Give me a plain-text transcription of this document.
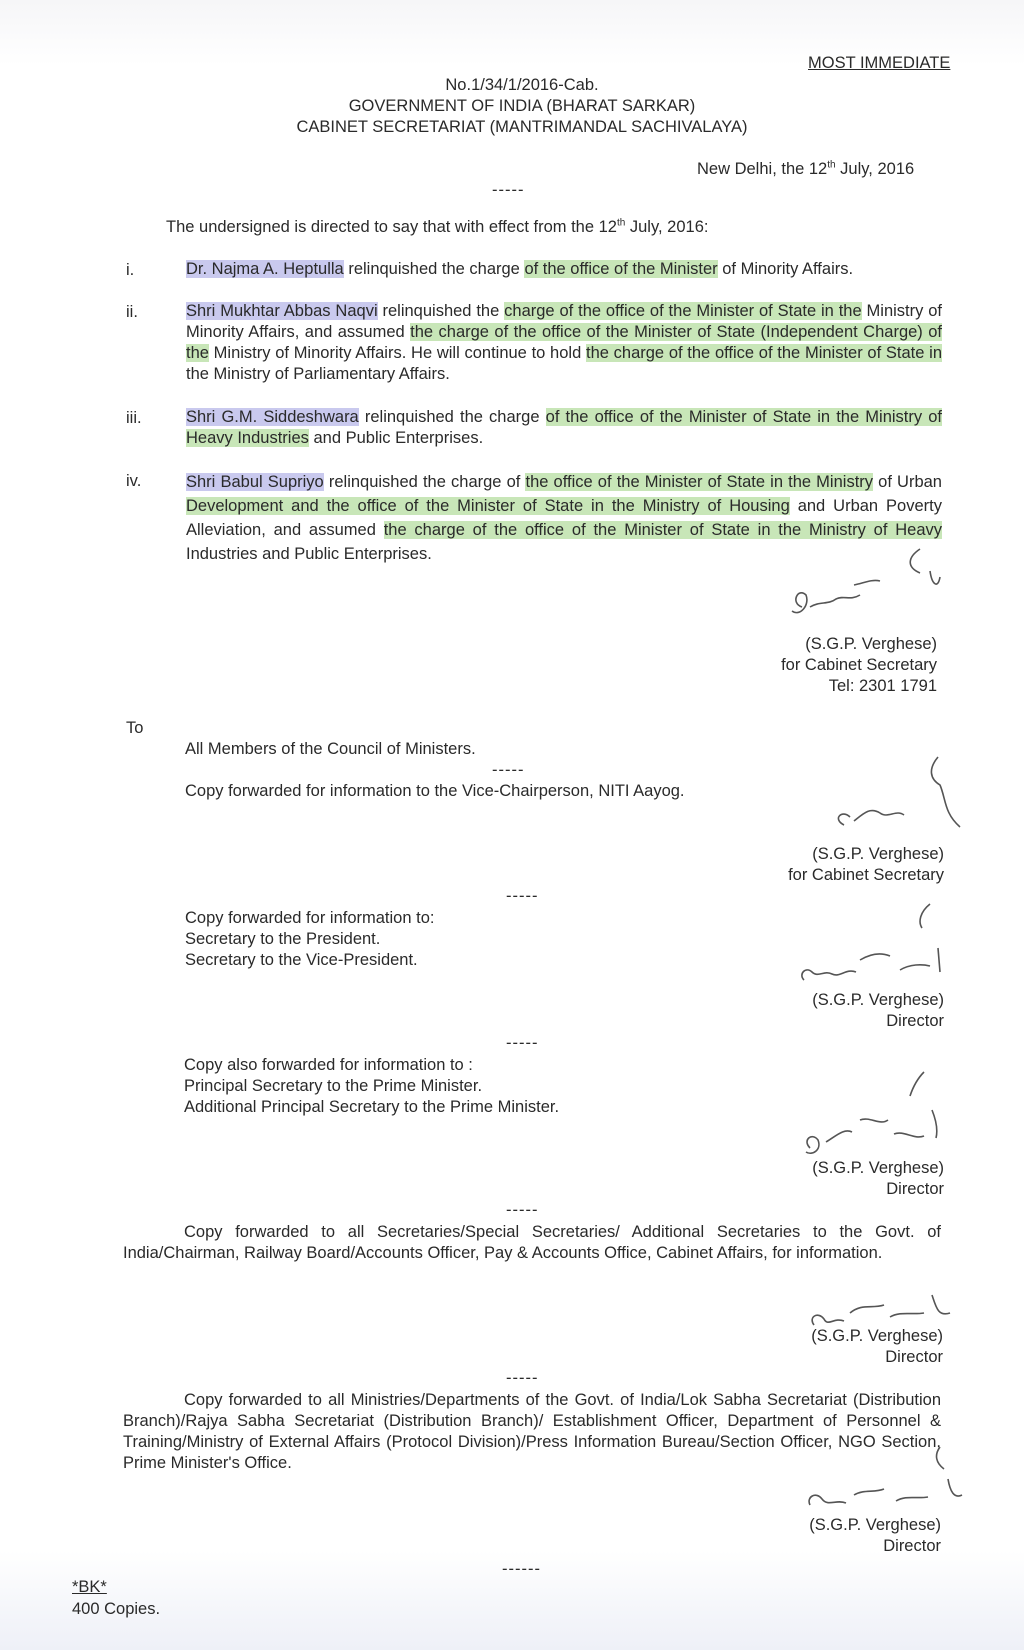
MOST IMMEDIATE
No.1/34/1/2016-Cab.
GOVERNMENT OF INDIA (BHARAT SARKAR)
CABINET SECRETARIAT (MANTRIMANDAL SACHIVALAYA)
New Delhi, the 12th July, 2016
-----
The undersigned is directed to say that with effect from the 12th July, 2016:
i.	Dr. Najma A. Heptulla relinquished the charge of the office of the Minister of Minority Affairs.
ii.	Shri Mukhtar Abbas Naqvi relinquished the charge of the office of the Minister of State in the Ministry of Minority Affairs, and assumed the charge of the office of the Minister of State (Independent Charge) of the Ministry of Minority Affairs. He will continue to hold the charge of the office of the Minister of State in the Ministry of Parliamentary Affairs.
iii.	Shri G.M. Siddeshwara relinquished the charge of the office of the Minister of State in the Ministry of Heavy Industries and Public Enterprises.
iv.	Shri Babul Supriyo relinquished the charge of the office of the Minister of State in the Ministry of Urban Development and the office of the Minister of State in the Ministry of Housing and Urban Poverty Alleviation, and assumed the charge of the office of the Minister of State in the Ministry of Heavy Industries and Public Enterprises.
(S.G.P. Verghese)
for Cabinet Secretary
Tel: 2301 1791
To
All Members of the Council of Ministers.
-----
Copy forwarded for information to the Vice-Chairperson, NITI Aayog.
(S.G.P. Verghese)
for Cabinet Secretary
-----
Copy forwarded for information to:
Secretary to the President.
Secretary to the Vice-President.
(S.G.P. Verghese)
Director
-----
Copy also forwarded for information to :
Principal Secretary to the Prime Minister.
Additional Principal Secretary to the Prime Minister.
(S.G.P. Verghese)
Director
-----
Copy forwarded to all Secretaries/Special Secretaries/ Additional Secretaries to the Govt. of India/Chairman, Railway Board/Accounts Officer, Pay & Accounts Office, Cabinet Affairs, for information.
(S.G.P. Verghese)
Director
-----
Copy forwarded to all Ministries/Departments of the Govt. of India/Lok Sabha Secretariat (Distribution Branch)/Rajya Sabha Secretariat (Distribution Branch)/ Establishment Officer, Department of Personnel & Training/Ministry of External Affairs (Protocol Division)/Press Information Bureau/Section Officer, NGO Section, Prime Minister's Office.
(S.G.P. Verghese)
Director
------
*BK*
400 Copies.
